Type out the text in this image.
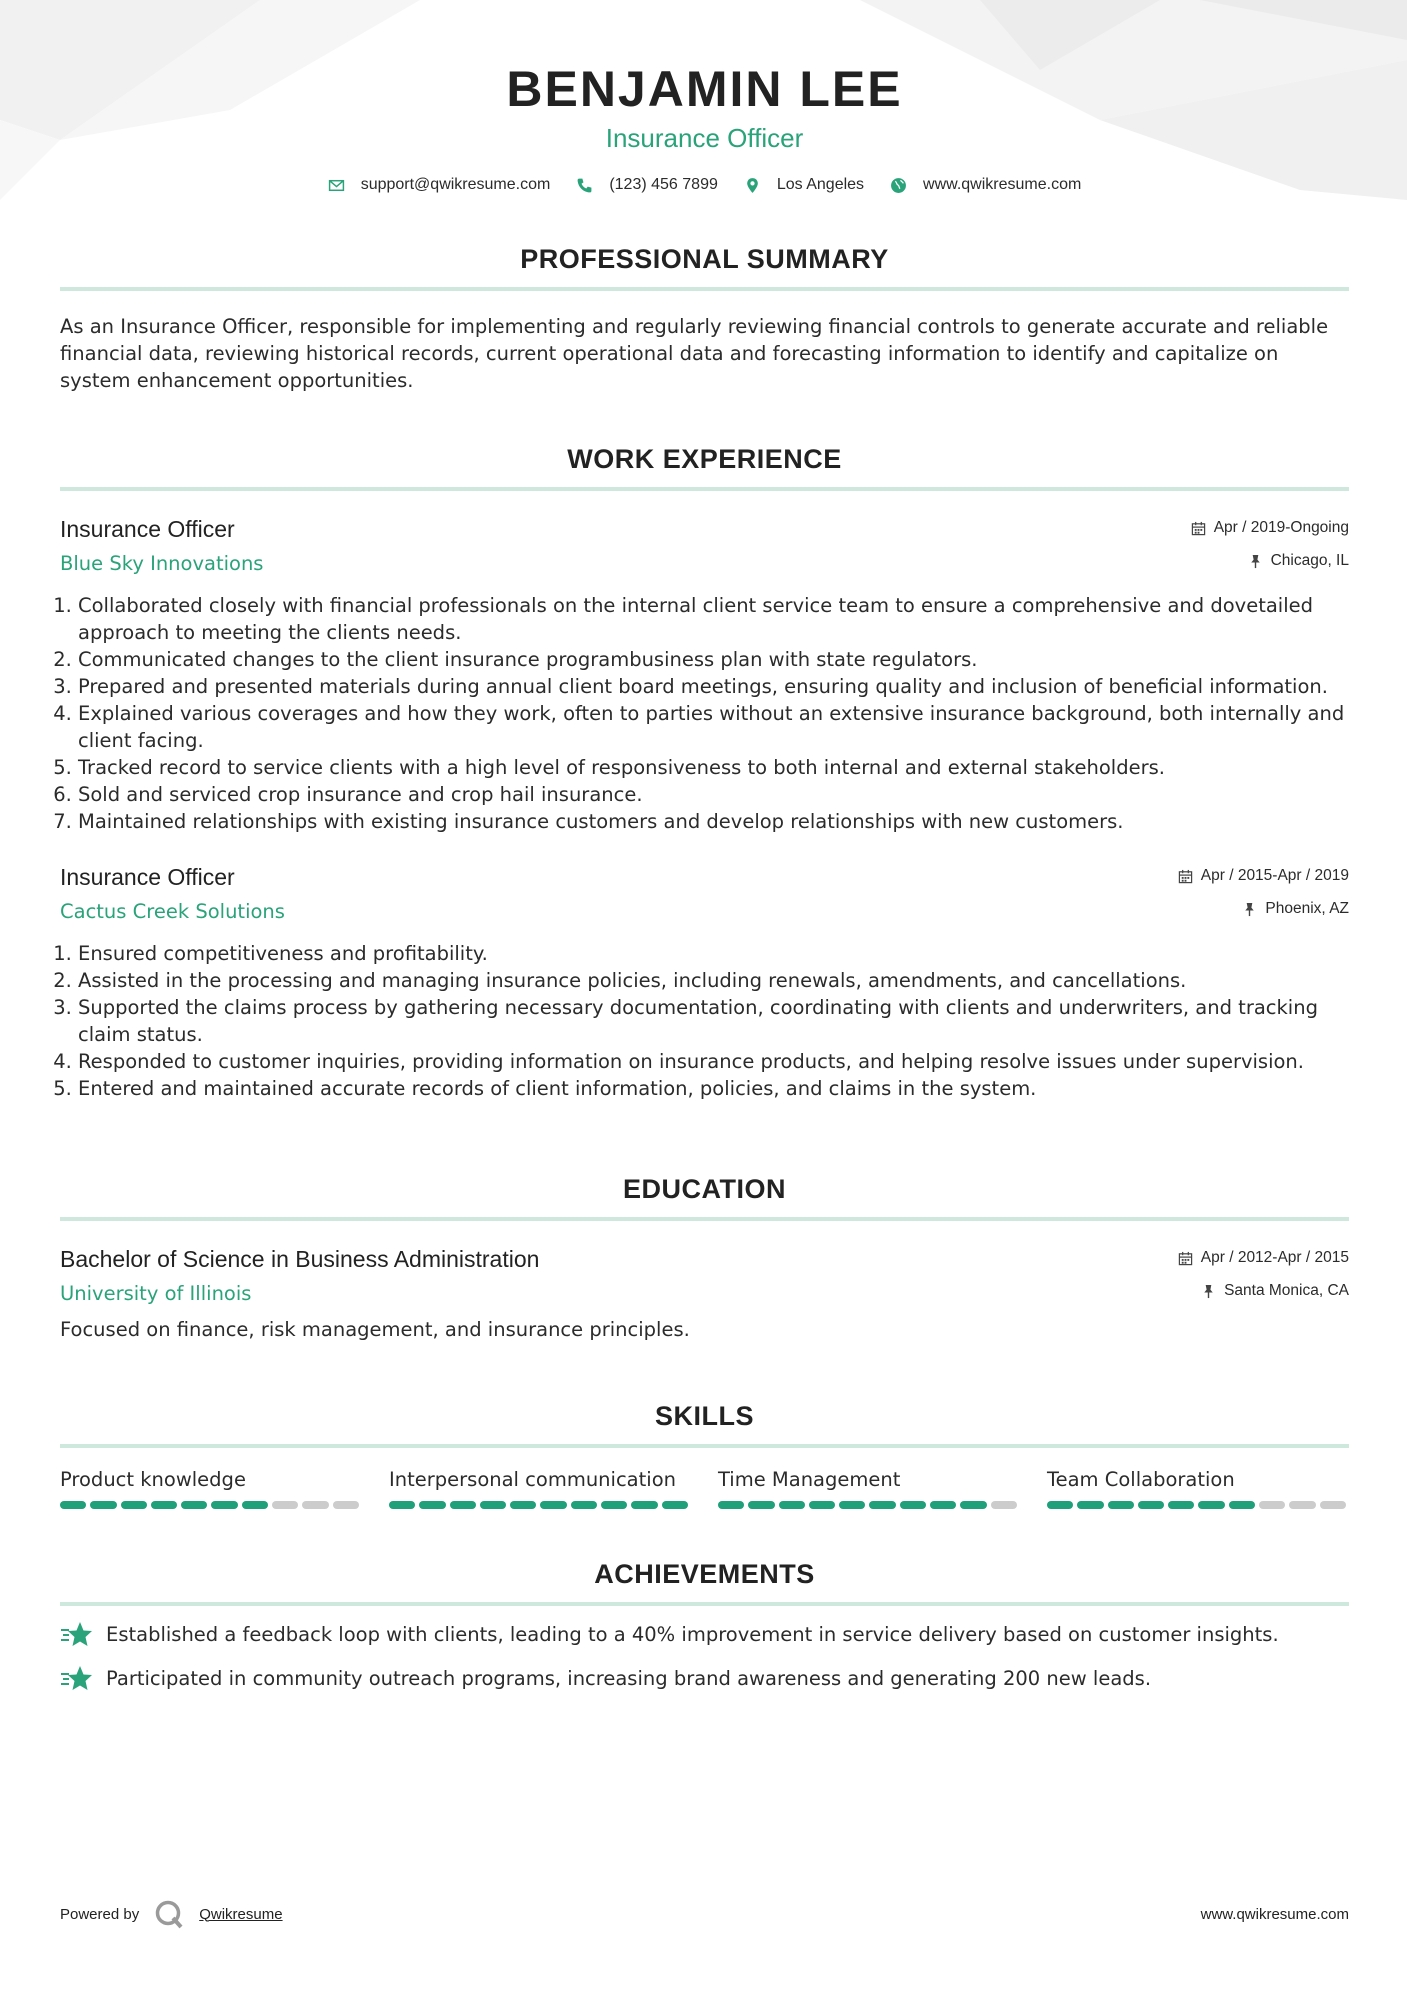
BENJAMIN LEE
Insurance Officer
support@qwikresume.com	(123) 456 7899	Los Angeles	www.qwikresume.com
PROFESSIONAL SUMMARY
As an Insurance Officer, responsible for implementing and regularly reviewing financial controls to generate accurate and reliable financial data, reviewing historical records, current operational data and forecasting information to identify and capitalize on system enhancement opportunities.
WORK EXPERIENCE
Insurance Officer
Blue Sky Innovations
Apr / 2019-Ongoing
Chicago, IL
1. Collaborated closely with financial professionals on the internal client service team to ensure a comprehensive and dovetailed approach to meeting the clients needs.
2. Communicated changes to the client insurance programbusiness plan with state regulators.
3. Prepared and presented materials during annual client board meetings, ensuring quality and inclusion of beneficial information.
4. Explained various coverages and how they work, often to parties without an extensive insurance background, both internally and client facing.
5. Tracked record to service clients with a high level of responsiveness to both internal and external stakeholders.
6. Sold and serviced crop insurance and crop hail insurance.
7. Maintained relationships with existing insurance customers and develop relationships with new customers.
Insurance Officer
Cactus Creek Solutions
Apr / 2015-Apr / 2019
Phoenix, AZ
1. Ensured competitiveness and profitability.
2. Assisted in the processing and managing insurance policies, including renewals, amendments, and cancellations.
3. Supported the claims process by gathering necessary documentation, coordinating with clients and underwriters, and tracking claim status.
4. Responded to customer inquiries, providing information on insurance products, and helping resolve issues under supervision.
5. Entered and maintained accurate records of client information, policies, and claims in the system.
EDUCATION
Bachelor of Science in Business Administration
University of Illinois
Apr / 2012-Apr / 2015
Santa Monica, CA
Focused on finance, risk management, and insurance principles.
SKILLS
Product knowledge	Interpersonal communication	Time Management	Team Collaboration
ACHIEVEMENTS
Established a feedback loop with clients, leading to a 40% improvement in service delivery based on customer insights.
Participated in community outreach programs, increasing brand awareness and generating 200 new leads.
Powered by	Qwikresume	www.qwikresume.com
